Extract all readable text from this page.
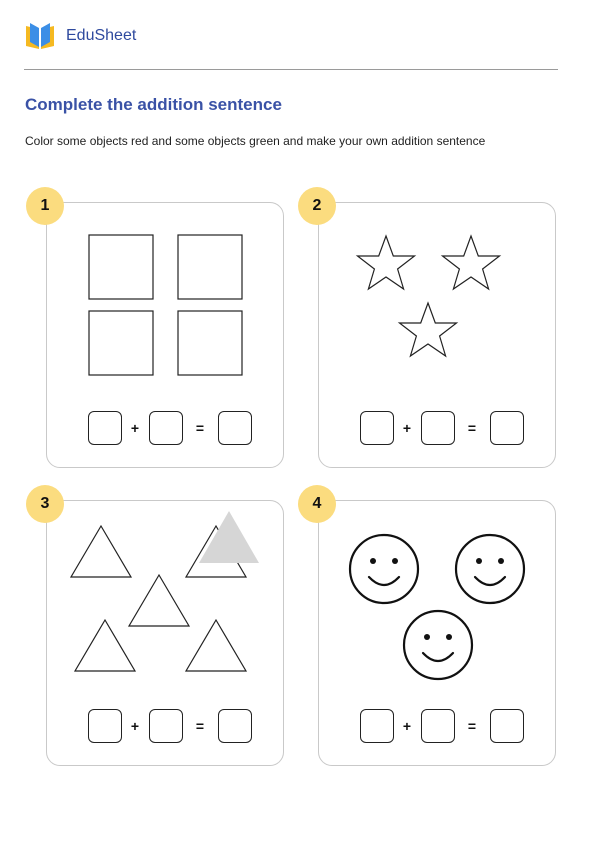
EduSheet
Complete the addition sentence

Color some objects red and some objects green and make your own addition sentence

+	=	+	=
+	=	+	=
1	2
3	4
